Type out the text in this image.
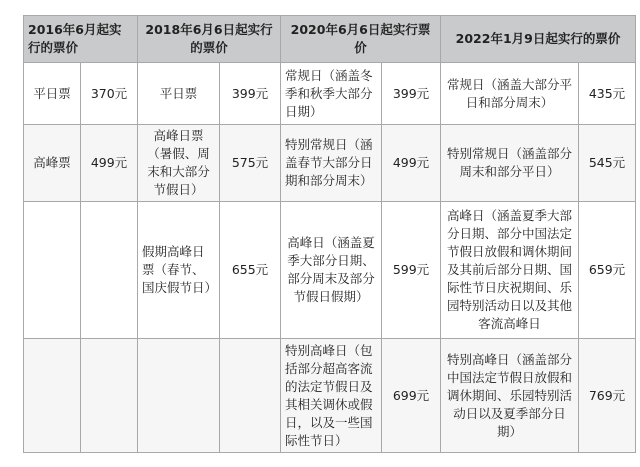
2016年6月起实行的票价		2018年6月6日起实行的票价		2020年6月6日起实行票价		2022年1月9日起实行的票价	
平日票	370元	平日票	399元	常规日（涵盖冬季和秋季大部分日期）	399元	常规日（涵盖大部分平日和部分周末）	435元
高峰票	499元	高峰日票（暑假、周末和大部分节假日）	575元	特别常规日（涵盖春节大部分日期和部分周末）	499元	特别常规日（涵盖部分周末和部分平日）	545元
		假期高峰日票（春节、国庆假节日）	655元	高峰日（涵盖夏季大部分日期、部分周末及部分节假日假期）	599元	高峰日（涵盖夏季大部分日期、部分中国法定节假日放假和调休期间及其前后部分日期、国际性节日庆祝期间、乐园特别活动日以及其他客流高峰日	659元
				特别高峰日（包括部分超高客流的法定节假日及其相关调休或假日，以及一些国际性节日）	699元	特别高峰日（涵盖部分中国法定节假日放假和调休期间、乐园特别活动日以及夏季部分日期）	769元
